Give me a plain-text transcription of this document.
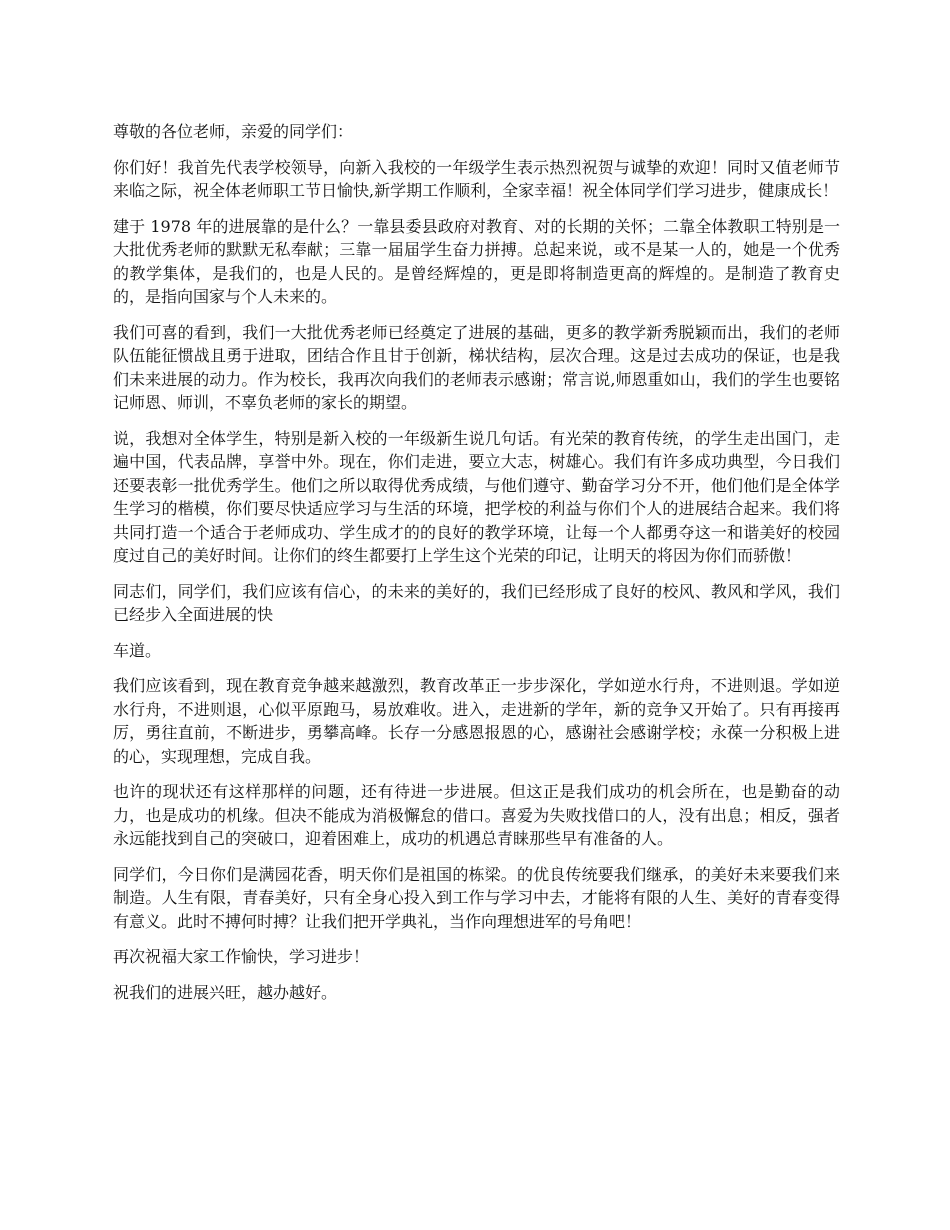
尊敬的各位老师，亲爱的同学们：

你们好！我首先代表学校领导，向新入我校的一年级学生表示热烈祝贺与诚挚的欢迎！同时又值老师节来临之际，祝全体老师职工节日愉快,新学期工作顺利，全家幸福！祝全体同学们学习进步，健康成长！

建于 1978 年的进展靠的是什么？一靠县委县政府对教育、对的长期的关怀；二靠全体教职工特别是一大批优秀老师的默默无私奉献；三靠一届届学生奋力拼搏。总起来说，或不是某一人的，她是一个优秀的教学集体，是我们的，也是人民的。是曾经辉煌的，更是即将制造更高的辉煌的。是制造了教育史的，是指向国家与个人未来的。

我们可喜的看到，我们一大批优秀老师已经奠定了进展的基础，更多的教学新秀脱颖而出，我们的老师队伍能征惯战且勇于进取，团结合作且甘于创新，梯状结构，层次合理。这是过去成功的保证，也是我们未来进展的动力。作为校长，我再次向我们的老师表示感谢；常言说,师恩重如山，我们的学生也要铭记师恩、师训，不辜负老师的家长的期望。

说，我想对全体学生，特别是新入校的一年级新生说几句话。有光荣的教育传统，的学生走出国门，走遍中国，代表品牌，享誉中外。现在，你们走进，要立大志，树雄心。我们有许多成功典型，今日我们还要表彰一批优秀学生。他们之所以取得优秀成绩，与他们遵守、勤奋学习分不开，他们他们是全体学生学习的楷模，你们要尽快适应学习与生活的环境，把学校的利益与你们个人的进展结合起来。我们将共同打造一个适合于老师成功、学生成才的的良好的教学环境，让每一个人都勇夺这一和谐美好的校园度过自己的美好时间。让你们的终生都要打上学生这个光荣的印记，让明天的将因为你们而骄傲！

同志们，同学们，我们应该有信心，的未来的美好的，我们已经形成了良好的校风、教风和学风，我们已经步入全面进展的快

车道。

我们应该看到，现在教育竞争越来越激烈，教育改革正一步步深化，学如逆水行舟，不进则退。学如逆水行舟，不进则退，心似平原跑马，易放难收。进入，走进新的学年，新的竞争又开始了。只有再接再厉，勇往直前，不断进步，勇攀高峰。长存一分感恩报恩的心，感谢社会感谢学校；永葆一分积极上进的心，实现理想，完成自我。

也许的现状还有这样那样的问题，还有待进一步进展。但这正是我们成功的机会所在，也是勤奋的动力，也是成功的机缘。但决不能成为消极懈怠的借口。喜爱为失败找借口的人，没有出息；相反，强者永远能找到自己的突破口，迎着困难上，成功的机遇总青睐那些早有准备的人。

同学们，今日你们是满园花香，明天你们是祖国的栋梁。的优良传统要我们继承，的美好未来要我们来制造。人生有限，青春美好，只有全身心投入到工作与学习中去，才能将有限的人生、美好的青春变得有意义。此时不搏何时搏？让我们把开学典礼，当作向理想进军的号角吧！

再次祝福大家工作愉快，学习进步！

祝我们的进展兴旺，越办越好。
